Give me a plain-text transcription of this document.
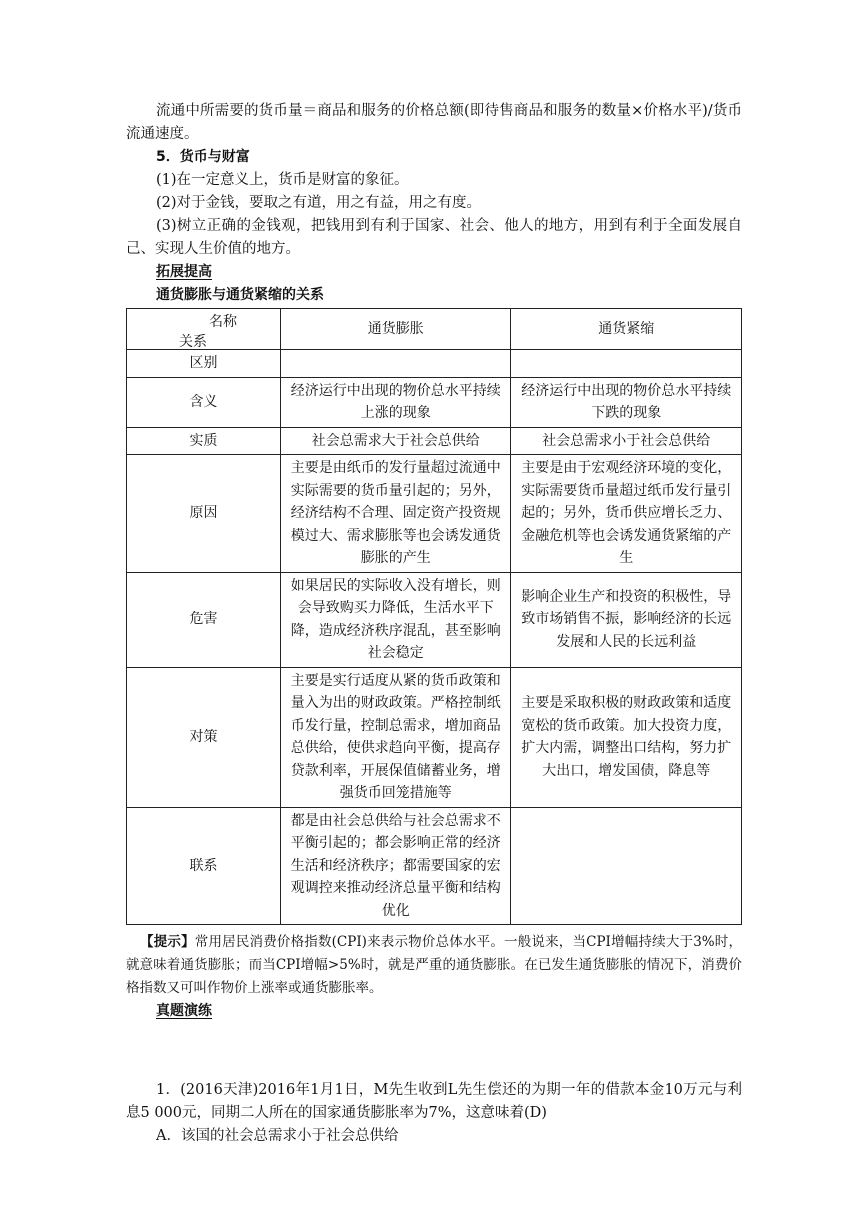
流通中所需要的货币量＝商品和服务的价格总额(即待售商品和服务的数量×价格水平)/货币流通速度。

5．货币与财富

(1)在一定意义上，货币是财富的象征。

(2)对于金钱，要取之有道，用之有益，用之有度。

(3)树立正确的金钱观，把钱用到有利于国家、社会、他人的地方，用到有利于全面发展自己、实现人生价值的地方。

拓展提高
通货膨胀与通货紧缩的关系
名称
关系	通货膨胀	通货紧缩
区别		
含义	经济运行中出现的物价总水平持续上涨的现象	经济运行中出现的物价总水平持续下跌的现象
实质	社会总需求大于社会总供给	社会总需求小于社会总供给
原因	主要是由纸币的发行量超过流通中实际需要的货币量引起的；另外，经济结构不合理、固定资产投资规模过大、需求膨胀等也会诱发通货膨胀的产生	主要是由于宏观经济环境的变化，实际需要货币量超过纸币发行量引起的；另外，货币供应增长乏力、金融危机等也会诱发通货紧缩的产生
危害	如果居民的实际收入没有增长，则会导致购买力降低，生活水平下降，造成经济秩序混乱，甚至影响社会稳定	影响企业生产和投资的积极性，导致市场销售不振，影响经济的长远发展和人民的长远利益
对策	主要是实行适度从紧的货币政策和量入为出的财政政策。严格控制纸币发行量，控制总需求，增加商品总供给，使供求趋向平衡，提高存贷款利率，开展保值储蓄业务，增强货币回笼措施等	主要是采取积极的财政政策和适度宽松的货币政策。加大投资力度，扩大内需，调整出口结构，努力扩大出口，增发国债，降息等
联系	都是由社会总供给与社会总需求不平衡引起的；都会影响正常的经济生活和经济秩序；都需要国家的宏观调控来推动经济总量平衡和结构优化	

【提示】常用居民消费价格指数(CPI)来表示物价总体水平。一般说来，当CPI增幅持续大于3%时，就意味着通货膨胀；而当CPI增幅>5%时，就是严重的通货膨胀。在已发生通货膨胀的情况下，消费价格指数又可叫作物价上涨率或通货膨胀率。

真题演练

1．(2016天津)2016年1月1日，M先生收到L先生偿还的为期一年的借款本金10万元与利息5 000元，同期二人所在的国家通货膨胀率为7%，这意味着(D)

A．该国的社会总需求小于社会总供给
